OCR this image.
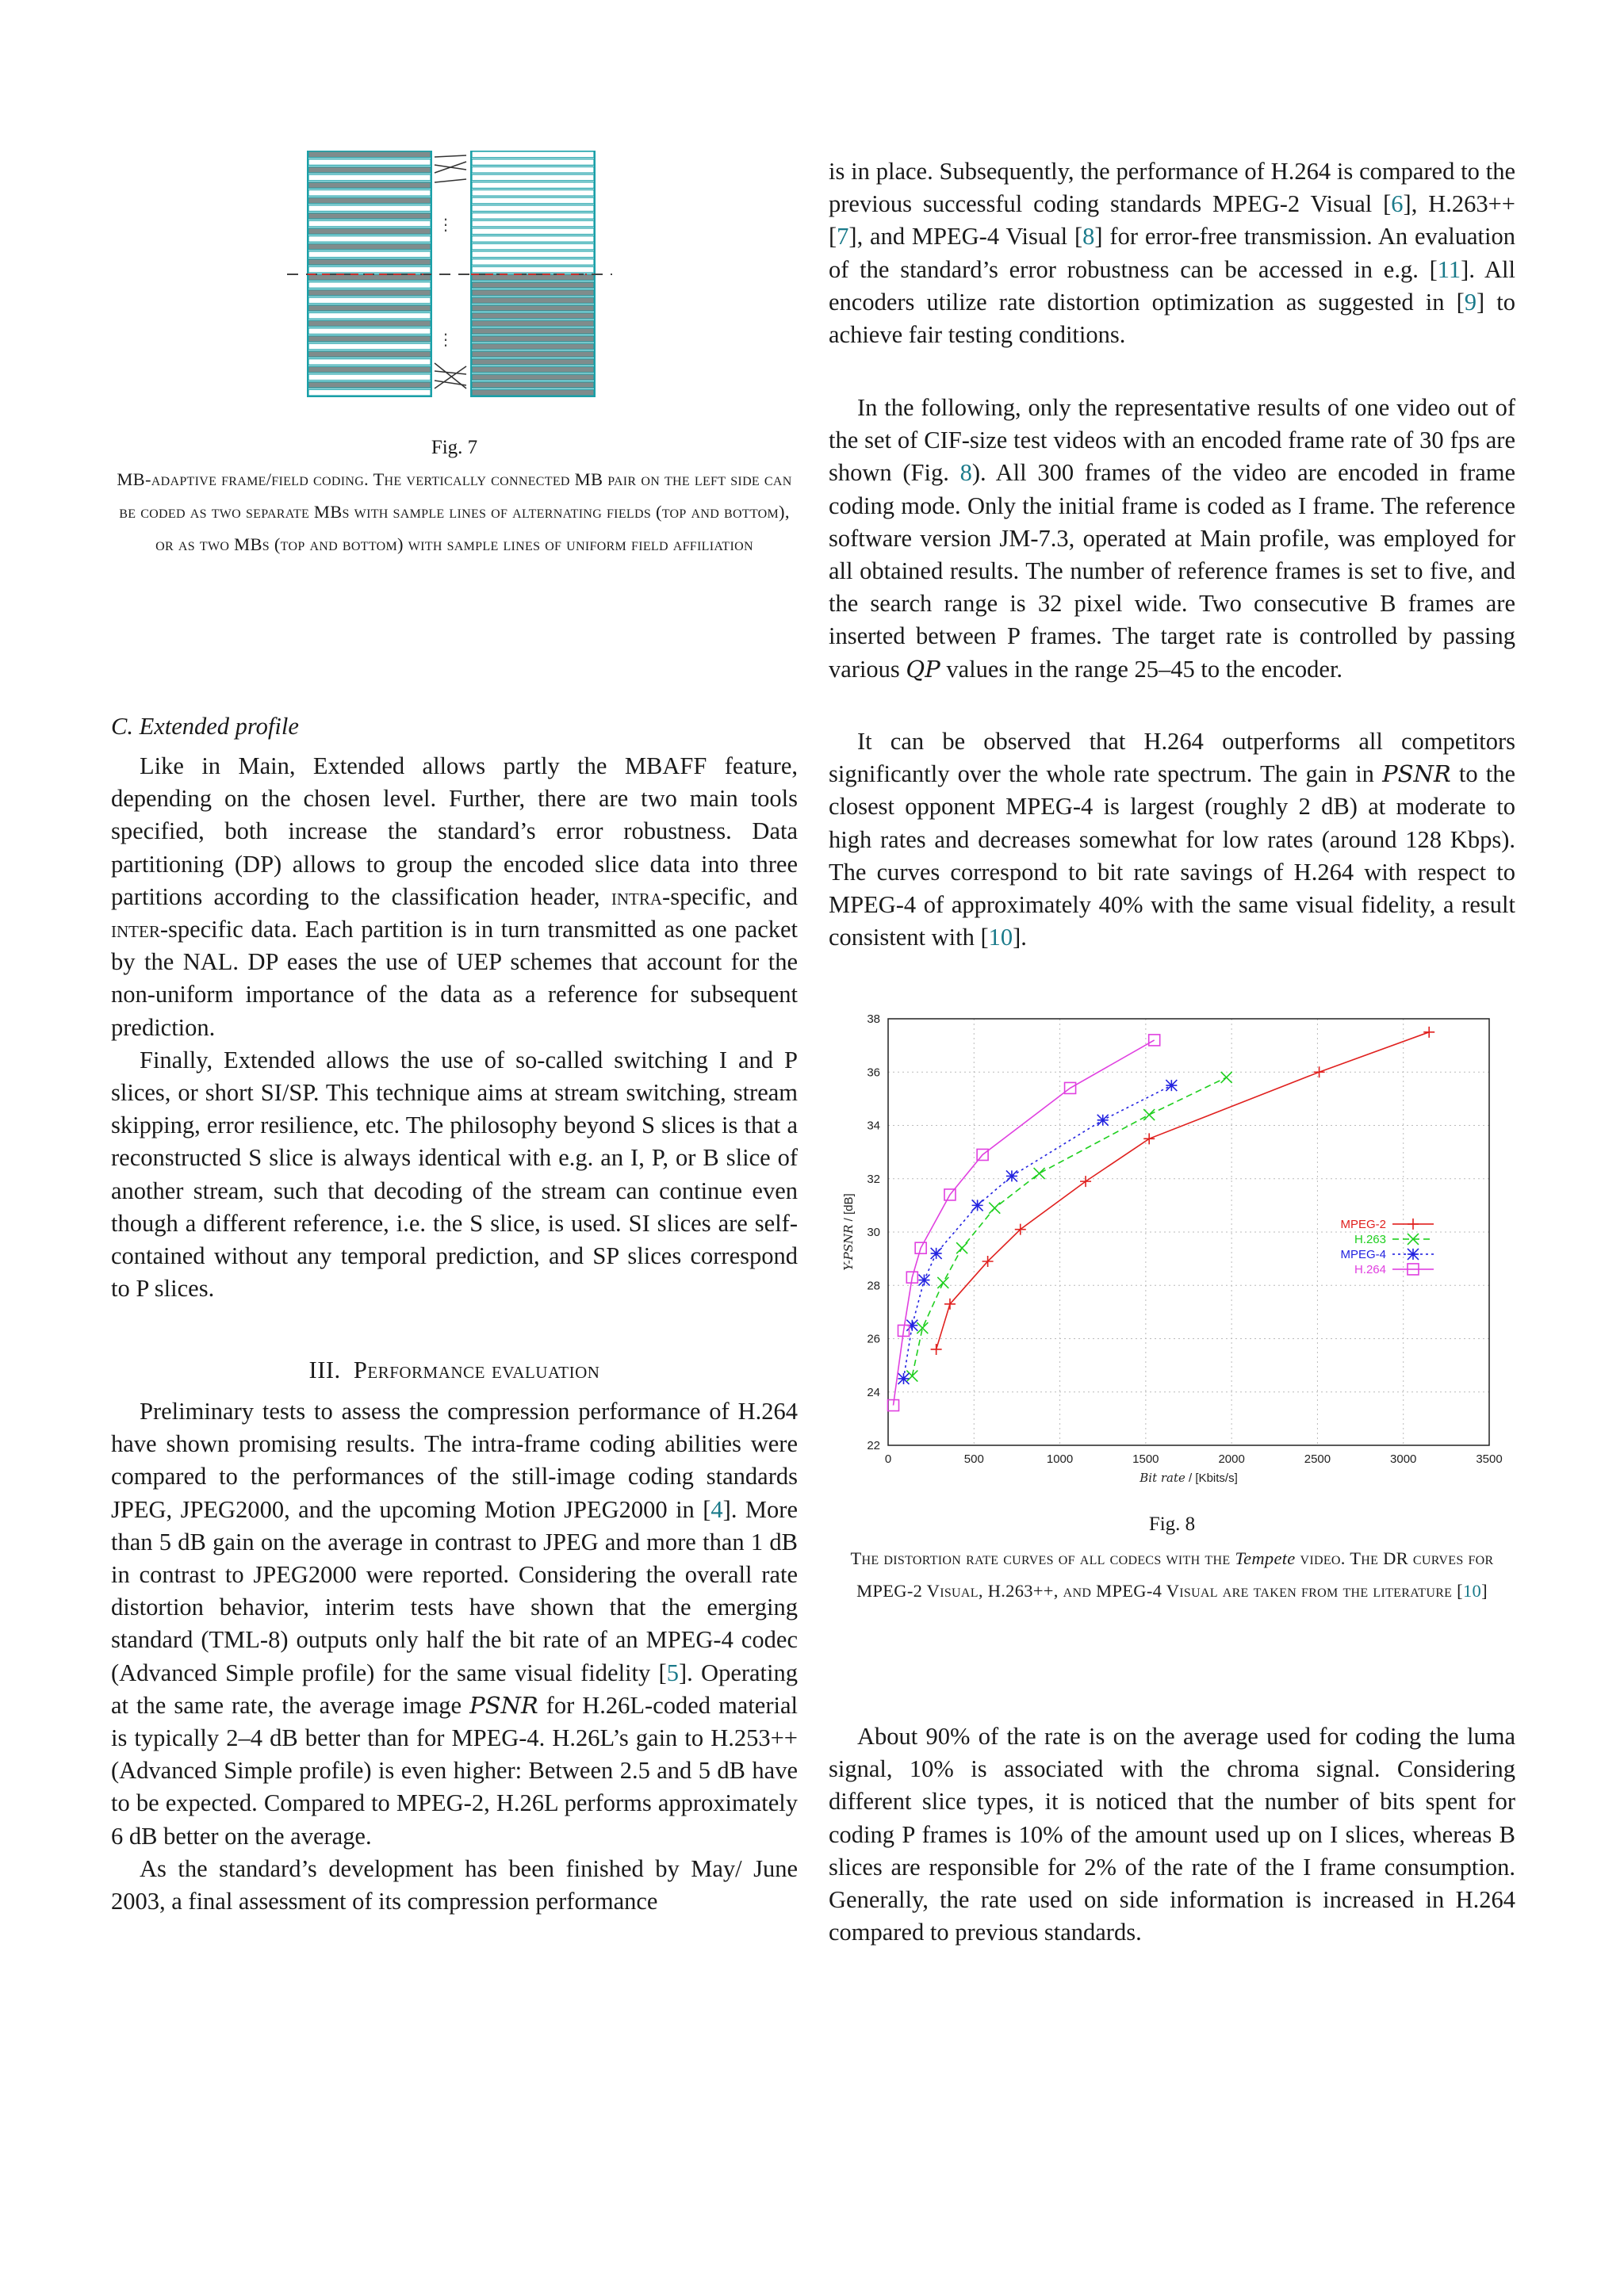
⋮
⋮

Fig. 7

MB-adaptive frame/field coding. The vertically connected MB pair on the left side can be coded as two separate MBs with sample lines of alternating fields (top and bottom), or as two MBs (top and bottom) with sample lines of uniform field affiliation

C. Extended profile

Like in Main, Extended allows partly the MBAFF feature, depending on the chosen level. Further, there are two main tools specified, both increase the standard’s error robustness. Data partitioning (DP) allows to group the encoded slice data into three partitions according to the classification header, intra-specific, and inter-specific data. Each partition is in turn transmitted as one packet by the NAL. DP eases the use of UEP schemes that account for the non-uniform importance of the data as a reference for subsequent prediction.

Finally, Extended allows the use of so-called switching I and P slices, or short SI/SP. This technique aims at stream switching, stream skipping, error resilience, etc. The philosophy beyond S slices is that a reconstructed S slice is always identical with e.g. an I, P, or B slice of another stream, such that decoding of the stream can continue even though a different reference, i.e. the S slice, is used. SI slices are self-contained without any temporal prediction, and SP slices correspond to P slices.

III. Performance evaluation

Preliminary tests to assess the compression performance of H.264 have shown promising results. The intra-frame coding abilities were compared to the performances of the still-image coding standards JPEG, JPEG2000, and the upcoming Motion JPEG2000 in [4]. More than 5 dB gain on the average in contrast to JPEG and more than 1 dB in contrast to JPEG2000 were reported. Considering the overall rate distortion behavior, interim tests have shown that the emerging standard (TML-8) outputs only half the bit rate of an MPEG-4 codec (Advanced Simple profile) for the same visual fidelity [5]. Operating at the same rate, the average image PSNR for H.26L-coded material is typically 2–4 dB better than for MPEG-4. H.26L’s gain to H.253++ (Advanced Simple profile) is even higher: Between 2.5 and 5 dB have to be expected. Compared to MPEG-2, H.26L performs approximately 6 dB better on the average.

As the standard’s development has been finished by May/ June 2003, a final assessment of its compression performance

is in place. Subsequently, the performance of H.264 is compared to the previous successful coding standards MPEG-2 Visual [6], H.263++ [7], and MPEG-4 Visual [8] for error-free transmission. An evaluation of the standard’s error robustness can be accessed in e.g. [11]. All encoders utilize rate distortion optimization as suggested in [9] to achieve fair testing conditions.

In the following, only the representative results of one video out of the set of CIF-size test videos with an encoded frame rate of 30 fps are shown (Fig. 8). All 300 frames of the video are encoded in frame coding mode. Only the initial frame is coded as I frame. The reference software version JM-7.3, operated at Main profile, was employed for all obtained results. The number of reference frames is set to five, and the search range is 32 pixel wide. Two consecutive B frames are inserted between P frames. The target rate is controlled by passing various QP values in the range 25–45 to the encoder.

It can be observed that H.264 outperforms all competitors significantly over the whole rate spectrum. The gain in PSNR to the closest opponent MPEG-4 is largest (roughly 2 dB) at moderate to high rates and decreases somewhat for low rates (around 128 Kbps). The curves correspond to bit rate savings of H.264 with respect to MPEG-4 of approximately 40% with the same visual fidelity, a result consistent with [10].

0	500	1000	1500	2000	2500	3000	3500
22
24
26
28
30
32
34
36
38
Bit rate / [Kbits/s]
Y-PSNR / [dB]	MPEG-2
H.263
MPEG-4
H.264

Fig. 8

The distortion rate curves of all codecs with the Tempete video. The DR curves for MPEG-2 Visual, H.263++, and MPEG-4 Visual are taken from the literature [10]

About 90% of the rate is on the average used for coding the luma signal, 10% is associated with the chroma signal. Considering different slice types, it is noticed that the number of bits spent for coding P frames is 10% of the amount used up on I slices, whereas B slices are responsible for 2% of the rate of the I frame consumption. Generally, the rate used on side information is increased in H.264 compared to previous standards.
